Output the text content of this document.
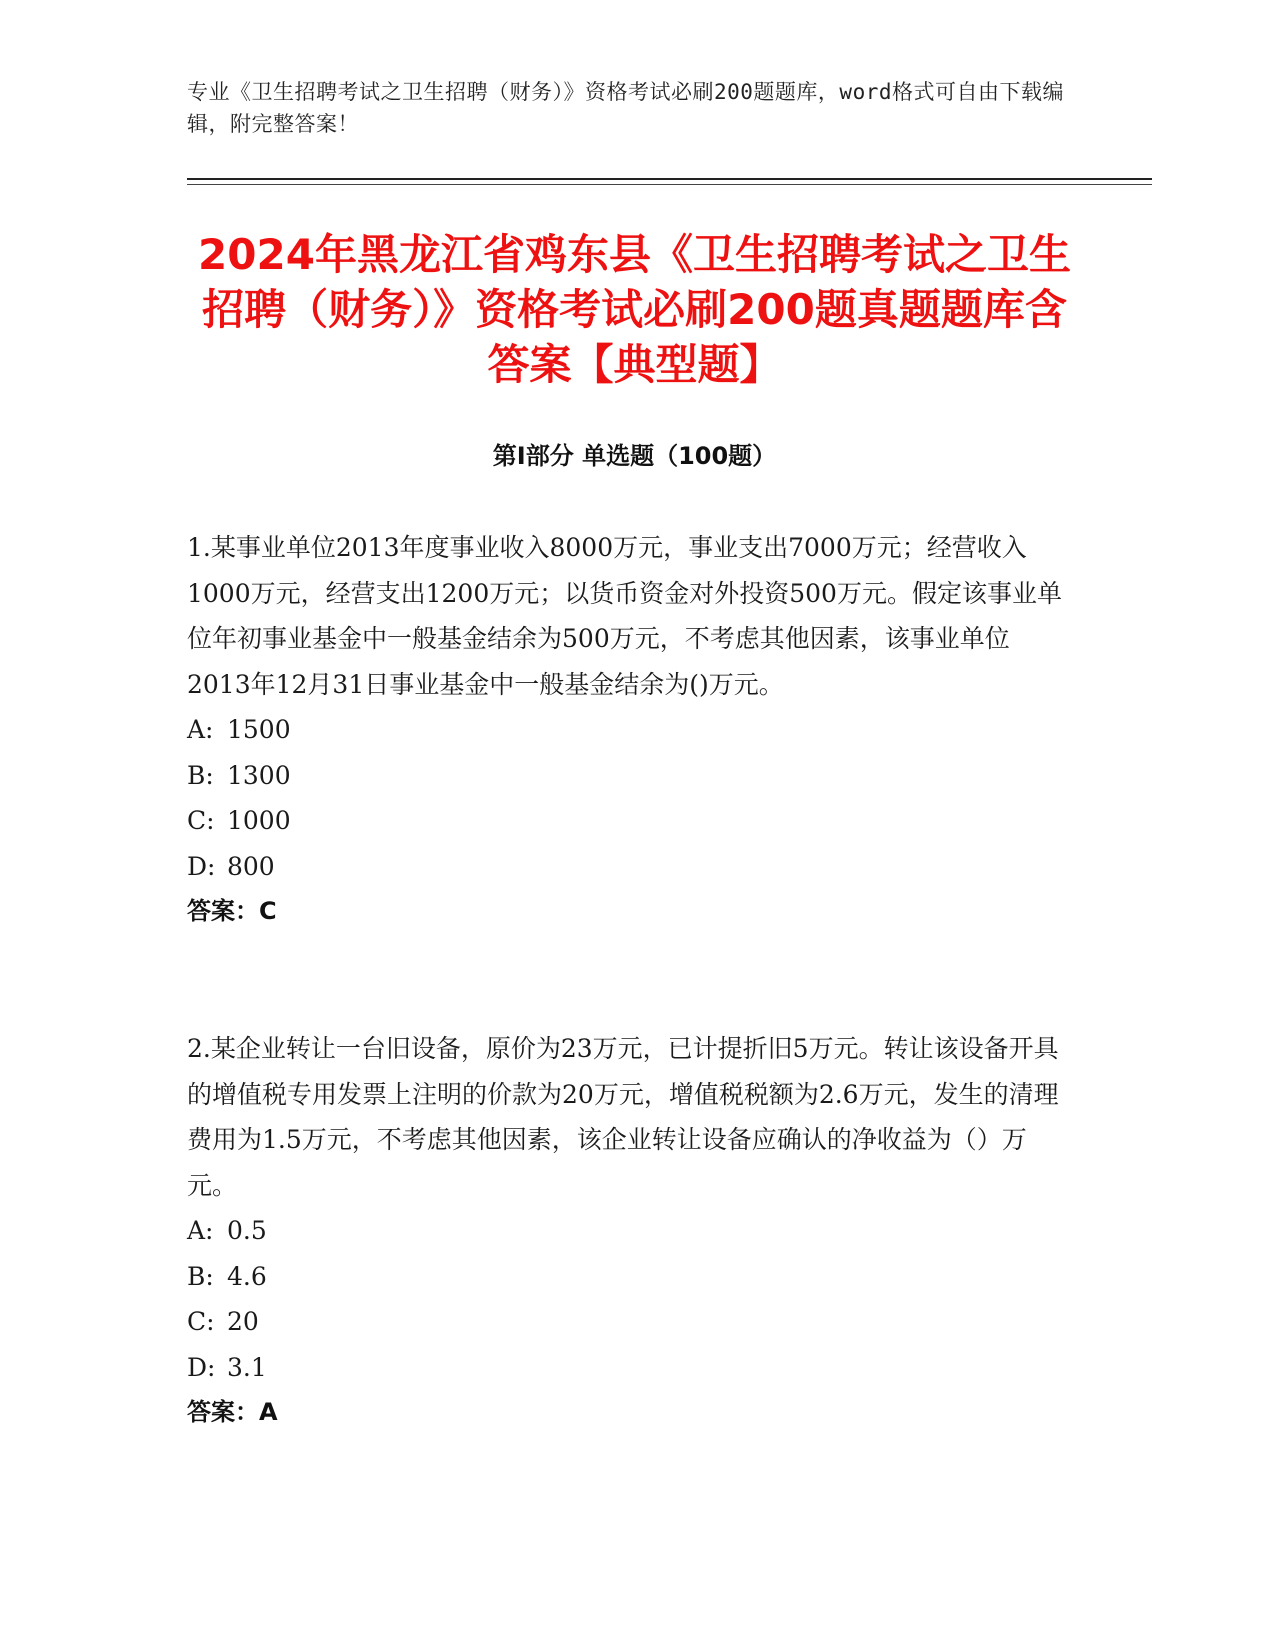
专业《卫生招聘考试之卫生招聘（财务）》资格考试必刷200题题库，word格式可自由下载编辑，附完整答案！
2024年黑龙江省鸡东县《卫生招聘考试之卫生招聘（财务）》资格考试必刷200题真题题库含答案【典型题】
第I部分 单选题（100题）

1.某事业单位2013年度事业收入8000万元，事业支出7000万元；经营收入1000万元，经营支出1200万元；以货币资金对外投资500万元。假定该事业单位年初事业基金中一般基金结余为500万元，不考虑其他因素，该事业单位2013年12月31日事业基金中一般基金结余为()万元。

A: 1500

B: 1300

C: 1000

D: 800

答案：C

2.某企业转让一台旧设备，原价为23万元，已计提折旧5万元。转让该设备开具的增值税专用发票上注明的价款为20万元，增值税税额为2.6万元，发生的清理费用为1.5万元，不考虑其他因素，该企业转让设备应确认的净收益为（）万元。

A: 0.5

B: 4.6

C: 20

D: 3.1

答案：A
